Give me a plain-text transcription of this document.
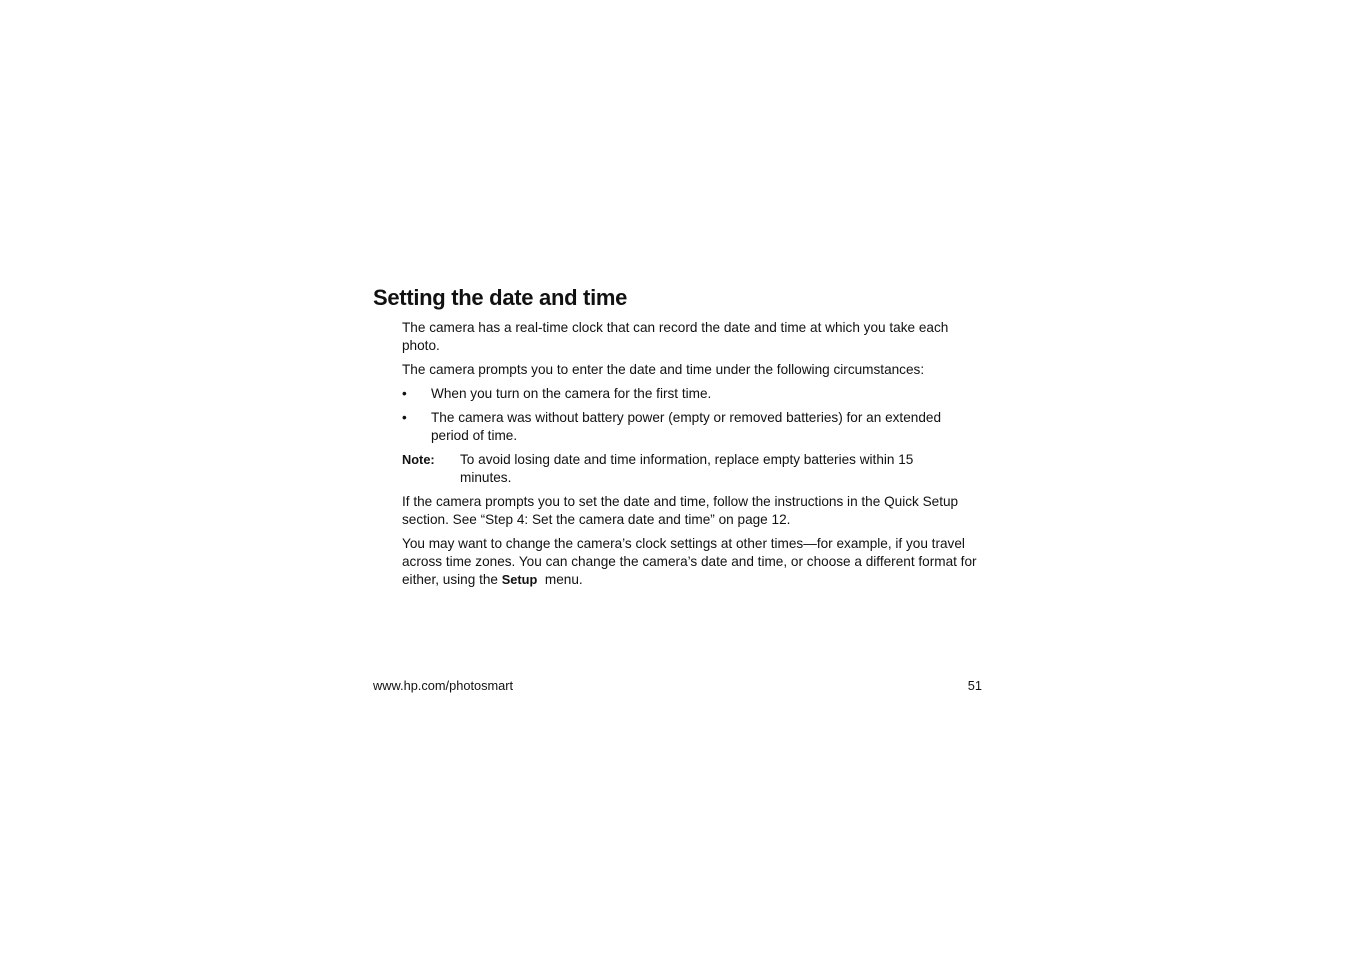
Setting the date and time

The camera has a real-time clock that can record the date and time at which you take each photo.

The camera prompts you to enter the date and time under the following circumstances:

•	When you turn on the camera for the first time.
•	The camera was without battery power (empty or removed batteries) for an extended period of time.
Note:	To avoid losing date and time information, replace empty batteries within 15 minutes.

If the camera prompts you to set the date and time, follow the instructions in the Quick Setup section. See “Step 4: Set the camera date and time” on page 12.

You may want to change the camera’s clock settings at other times—for example, if you travel across time zones. You can change the camera’s date and time, or choose a different format for either, using the Setup  menu.

www.hp.com/photosmart	51
